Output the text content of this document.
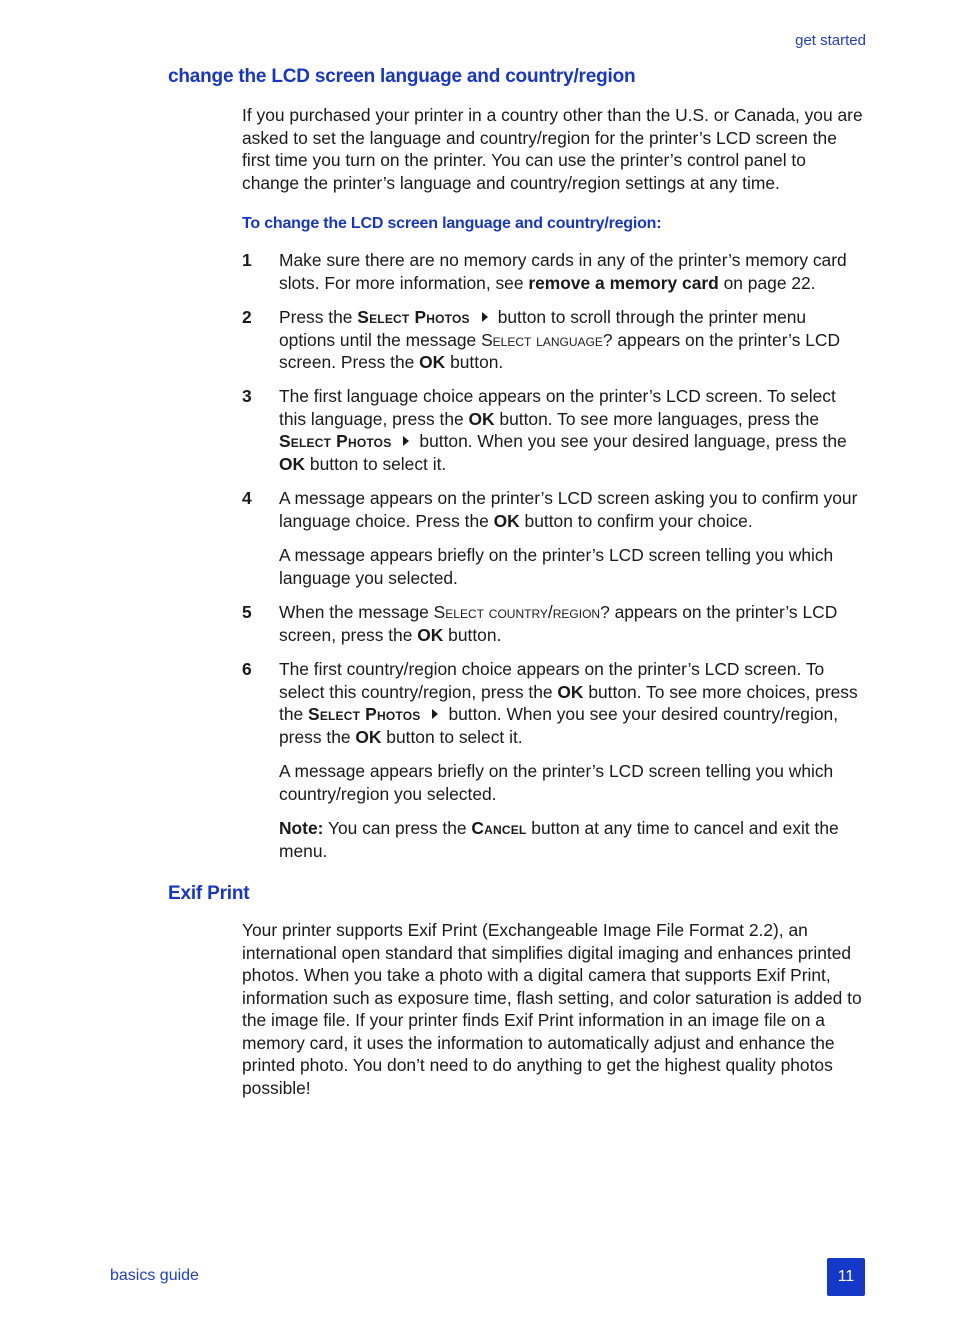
get started
change the LCD screen language and country/region
If you purchased your printer in a country other than the U.S. or Canada, you are asked to set the language and country/region for the printer’s LCD screen the first time you turn on the printer. You can use the printer’s control panel to change the printer’s language and country/region settings at any time.
To change the LCD screen language and country/region:
1	Make sure there are no memory cards in any of the printer’s memory card slots. For more information, see remove a memory card on page 22.
2	Press the Select Photos button to scroll through the printer menu options until the message Select language? appears on the printer’s LCD screen. Press the OK button.
3	The first language choice appears on the printer’s LCD screen. To select this language, press the OK button. To see more languages, press the Select Photos button. When you see your desired language, press the OK button to select it.
4	A message appears on the printer’s LCD screen asking you to confirm your language choice. Press the OK button to confirm your choice.
A message appears briefly on the printer’s LCD screen telling you which language you selected.
5	When the message Select country/region? appears on the printer’s LCD screen, press the OK button.
6	The first country/region choice appears on the printer’s LCD screen. To select this country/region, press the OK button. To see more choices, press the Select Photos button. When you see your desired country/region, press the OK button to select it.
A message appears briefly on the printer’s LCD screen telling you which country/region you selected.
Note: You can press the Cancel button at any time to cancel and exit the menu.
Exif Print
Your printer supports Exif Print (Exchangeable Image File Format 2.2), an international open standard that simplifies digital imaging and enhances printed photos. When you take a photo with a digital camera that supports Exif Print, information such as exposure time, flash setting, and color saturation is added to the image file. If your printer finds Exif Print information in an image file on a memory card, it uses the information to automatically adjust and enhance the printed photo. You don’t need to do anything to get the highest quality photos possible!
basics guide	11
